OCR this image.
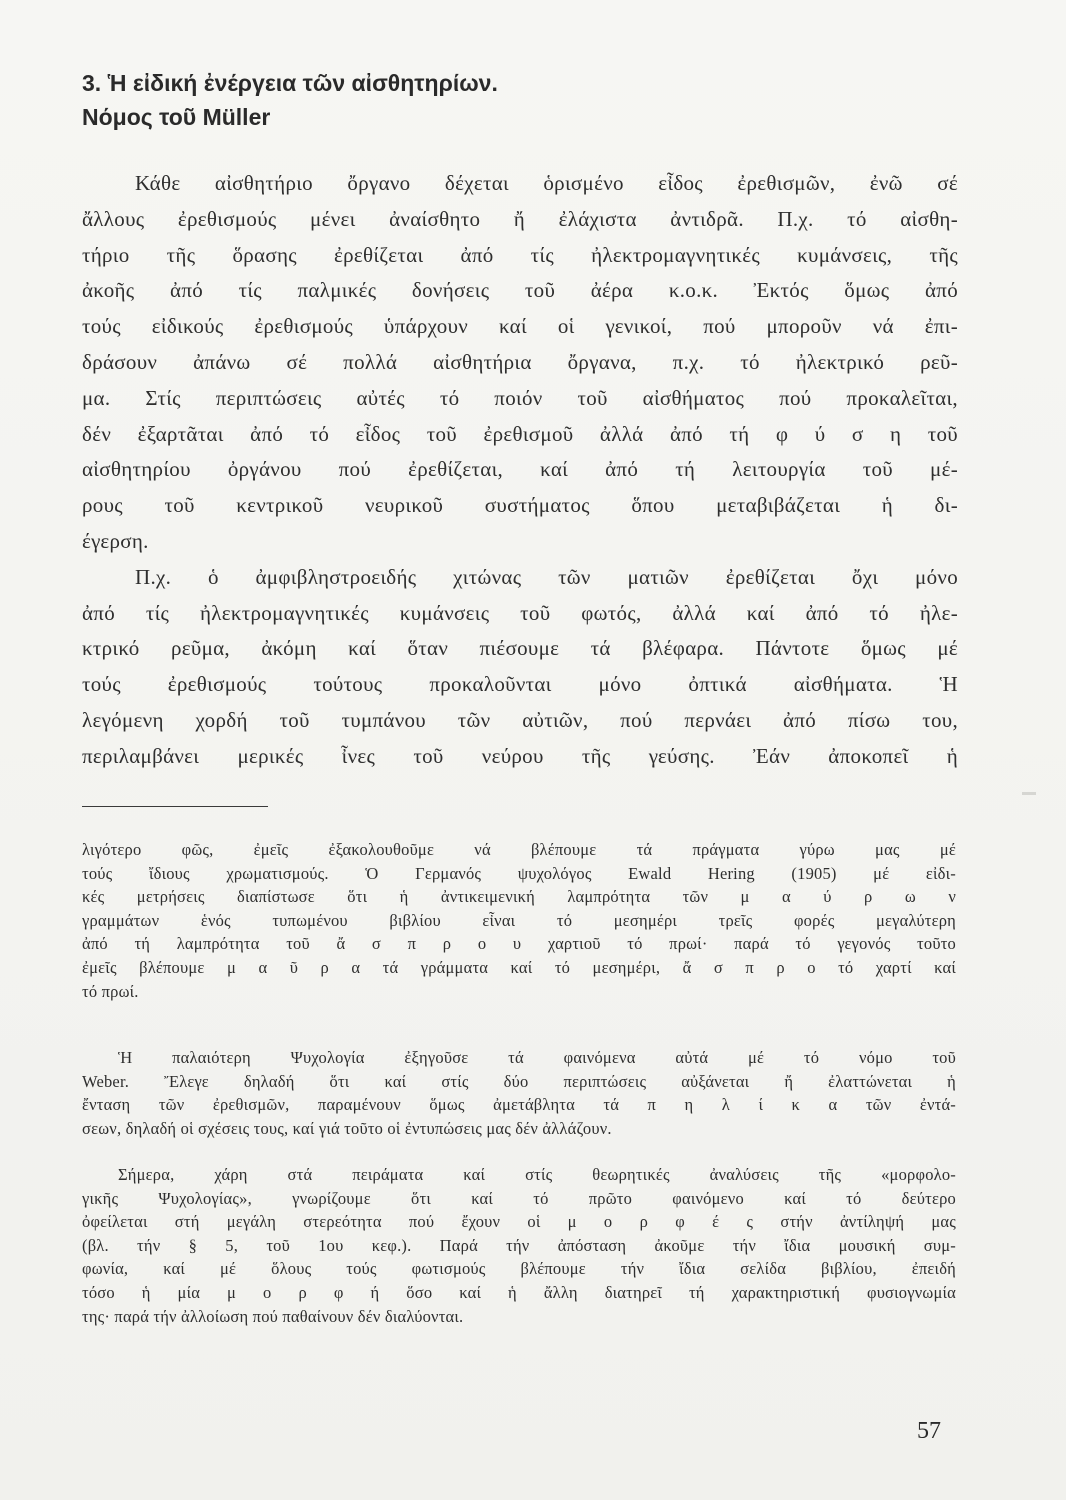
3. Ἡ εἰδική ἐνέργεια τῶν αἰσθητηρίων.
Νόμος τοῦ Müller
Κάθε αἰσθητήριο ὄργανο δέχεται ὁρισμένο εἶδος ἐρεθισμῶν, ἐνῶ σέ
ἄλλους ἐρεθισμούς μένει ἀναίσθητο ἤ ἐλάχιστα ἀντιδρᾶ. Π.χ. τό αἰσθη-
τήριο τῆς ὅρασης ἐρεθίζεται ἀπό τίς ἠλεκτρομαγνητικές κυμάνσεις, τῆς
ἀκοῆς ἀπό τίς παλμικές δονήσεις τοῦ ἀέρα κ.ο.κ. Ἐκτός ὅμως ἀπό
τούς εἰδικούς ἐρεθισμούς ὑπάρχουν καί οἱ γενικοί, πού μποροῦν νά ἐπι-
δράσουν ἀπάνω σέ πολλά αἰσθητήρια ὄργανα, π.χ. τό ἠλεκτρικό ρεῦ-
μα. Στίς περιπτώσεις αὐτές τό ποιόν τοῦ αἰσθήματος πού προκαλεῖται,
δέν ἐξαρτᾶται ἀπό τό εἶδος τοῦ ἐρεθισμοῦ ἀλλά ἀπό τή φ ύ σ η τοῦ
αἰσθητηρίου ὀργάνου πού ἐρεθίζεται, καί ἀπό τή λειτουργία τοῦ μέ-
ρους τοῦ κεντρικοῦ νευρικοῦ συστήματος ὅπου μεταβιβάζεται ἡ δι-
έγερση.
Π.χ. ὁ ἀμφιβληστροειδής χιτώνας τῶν ματιῶν ἐρεθίζεται ὄχι μόνο
ἀπό τίς ἠλεκτρομαγνητικές κυμάνσεις τοῦ φωτός, ἀλλά καί ἀπό τό ἠλε-
κτρικό ρεῦμα, ἀκόμη καί ὅταν πιέσουμε τά βλέφαρα. Πάντοτε ὅμως μέ
τούς ἐρεθισμούς τούτους προκαλοῦνται μόνο ὀπτικά αἰσθήματα. Ἡ
λεγόμενη χορδή τοῦ τυμπάνου τῶν αὐτιῶν, πού περνάει ἀπό πίσω του,
περιλαμβάνει μερικές ἶνες τοῦ νεύρου τῆς γεύσης. Ἐάν ἀποκοπεῖ ἡ
λιγότερο φῶς, ἐμεῖς ἐξακολουθοῦμε νά βλέπουμε τά πράγματα γύρω μας μέ
τούς ἴδιους χρωματισμούς. Ὁ Γερμανός ψυχολόγος Ewald Hering (1905) μέ εἰδι-
κές μετρήσεις διαπίστωσε ὅτι ἡ ἀντικειμενική λαμπρότητα τῶν μ α ύ ρ ω ν
γραμμάτων ἑνός τυπωμένου βιβλίου εἶναι τό μεσημέρι τρεῖς φορές μεγαλύτερη
ἀπό τή λαμπρότητα τοῦ ἄ σ π ρ ο υ χαρτιοῦ τό πρωί· παρά τό γεγονός τοῦτο
ἐμεῖς βλέπουμε μ α ῦ ρ α τά γράμματα καί τό μεσημέρι, ἄ σ π ρ ο τό χαρτί καί
τό πρωί.
Ἡ παλαιότερη Ψυχολογία ἐξηγοῦσε τά φαινόμενα αὐτά μέ τό νόμο τοῦ
Weber. Ἔλεγε δηλαδή ὅτι καί στίς δύο περιπτώσεις αὐξάνεται ἤ ἐλαττώνεται ἡ
ἔνταση τῶν ἐρεθισμῶν, παραμένουν ὅμως ἀμετάβλητα τά π η λ ί κ α τῶν ἐντά-
σεων, δηλαδή οἱ σχέσεις τους, καί γιά τοῦτο οἱ ἐντυπώσεις μας δέν ἀλλάζουν.
Σήμερα, χάρη στά πειράματα καί στίς θεωρητικές ἀναλύσεις τῆς «μορφολο-
γικῆς Ψυχολογίας», γνωρίζουμε ὅτι καί τό πρῶτο φαινόμενο καί τό δεύτερο
ὀφείλεται στή μεγάλη στερεότητα πού ἔχουν οἱ μ ο ρ φ έ ς στήν ἀντίληψή μας
(βλ. τήν § 5, τοῦ 1ου κεφ.). Παρά τήν ἀπόσταση ἀκοῦμε τήν ἴδια μουσική συμ-
φωνία, καί μέ ὅλους τούς φωτισμούς βλέπουμε τήν ἴδια σελίδα βιβλίου, ἐπειδή
τόσο ἡ μία μ ο ρ φ ή ὅσο καί ἡ ἄλλη διατηρεῖ τή χαρακτηριστική φυσιογνωμία
της· παρά τήν ἀλλοίωση πού παθαίνουν δέν διαλύονται.
57
